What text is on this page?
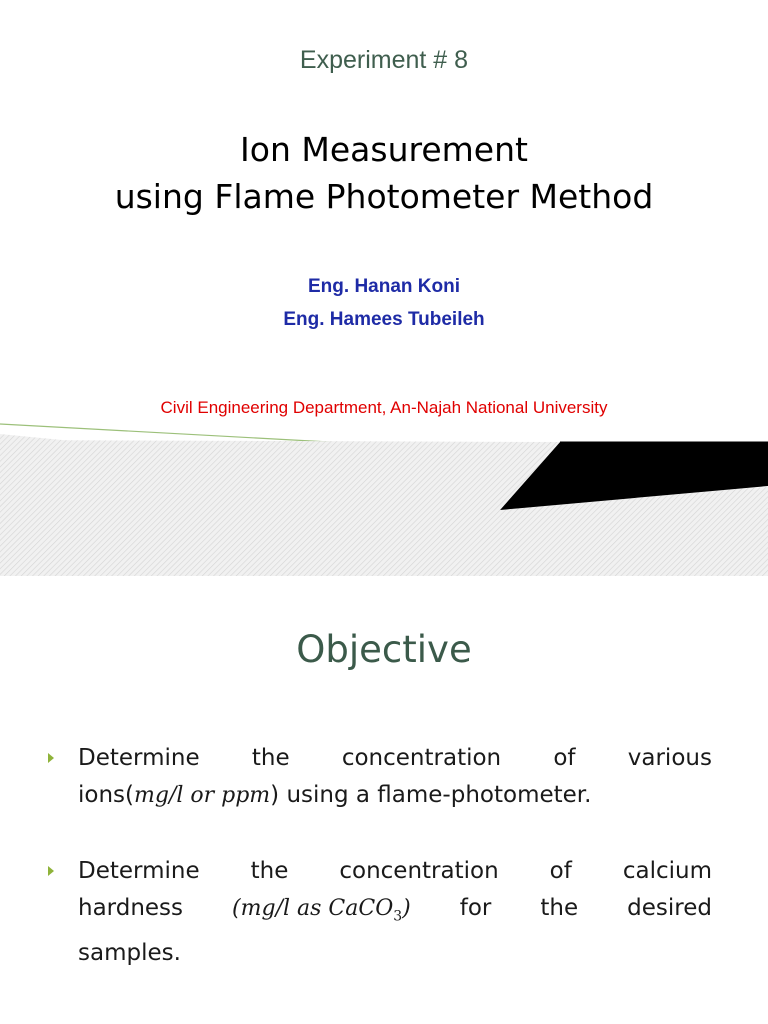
Experiment # 8
Ion Measurement
using Flame Photometer Method
Eng. Hanan Koni
Eng. Hamees Tubeileh
Civil Engineering Department, An-Najah National University
Objective
Determine the concentration of various
ions( mg/l or ppm ) using a flame-photometer.
Determine the concentration of calcium
hardness (mg/l as CaCO$_3$) for the desired
samples.
